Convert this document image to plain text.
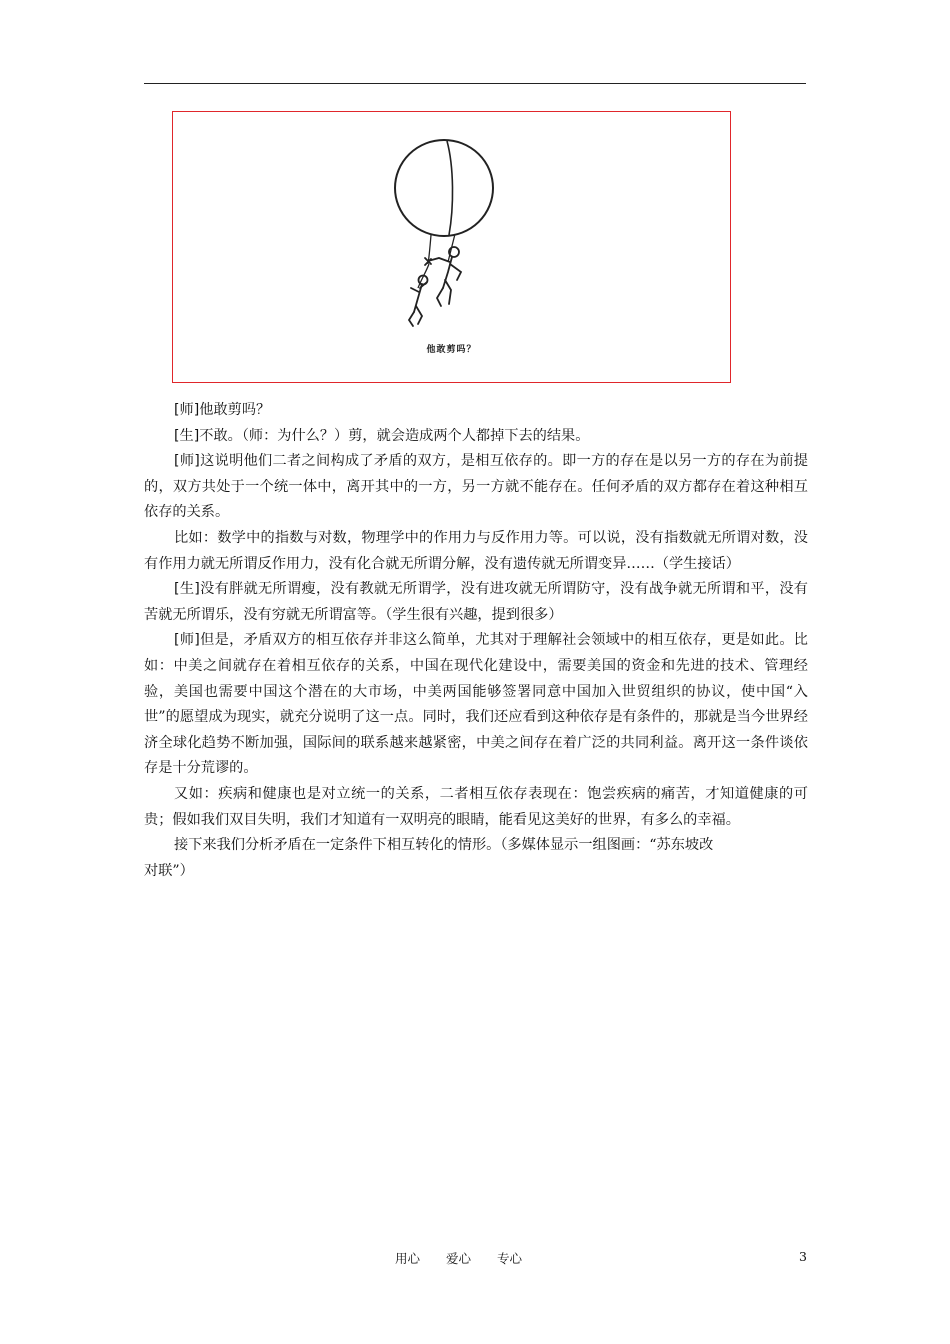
他敢剪吗？

[师]他敢剪吗？

[生]不敢。（师：为什么？）剪，就会造成两个人都掉下去的结果。

[师]这说明他们二者之间构成了矛盾的双方，是相互依存的。即一方的存在是以另一方的存在为前提的，双方共处于一个统一体中，离开其中的一方，另一方就不能存在。任何矛盾的双方都存在着这种相互依存的关系。

比如：数学中的指数与对数，物理学中的作用力与反作用力等。可以说，没有指数就无所谓对数，没有作用力就无所谓反作用力，没有化合就无所谓分解，没有遗传就无所谓变异……（学生接话）

[生]没有胖就无所谓瘦，没有教就无所谓学，没有进攻就无所谓防守，没有战争就无所谓和平，没有苦就无所谓乐，没有穷就无所谓富等。（学生很有兴趣，提到很多）

[师]但是，矛盾双方的相互依存并非这么简单，尤其对于理解社会领域中的相互依存，更是如此。比如：中美之间就存在着相互依存的关系，中国在现代化建设中，需要美国的资金和先进的技术、管理经验，美国也需要中国这个潜在的大市场，中美两国能够签署同意中国加入世贸组织的协议，使中国“入世”的愿望成为现实，就充分说明了这一点。同时，我们还应看到这种依存是有条件的，那就是当今世界经济全球化趋势不断加强，国际间的联系越来越紧密，中美之间存在着广泛的共同利益。离开这一条件谈依存是十分荒谬的。

又如：疾病和健康也是对立统一的关系，二者相互依存表现在：饱尝疾病的痛苦，才知道健康的可贵；假如我们双目失明，我们才知道有一双明亮的眼睛，能看见这美好的世界，有多么的幸福。

接下来我们分析矛盾在一定条件下相互转化的情形。（多媒体显示一组图画：“苏东坡改

对联”）

用心 爱心 专心	3
